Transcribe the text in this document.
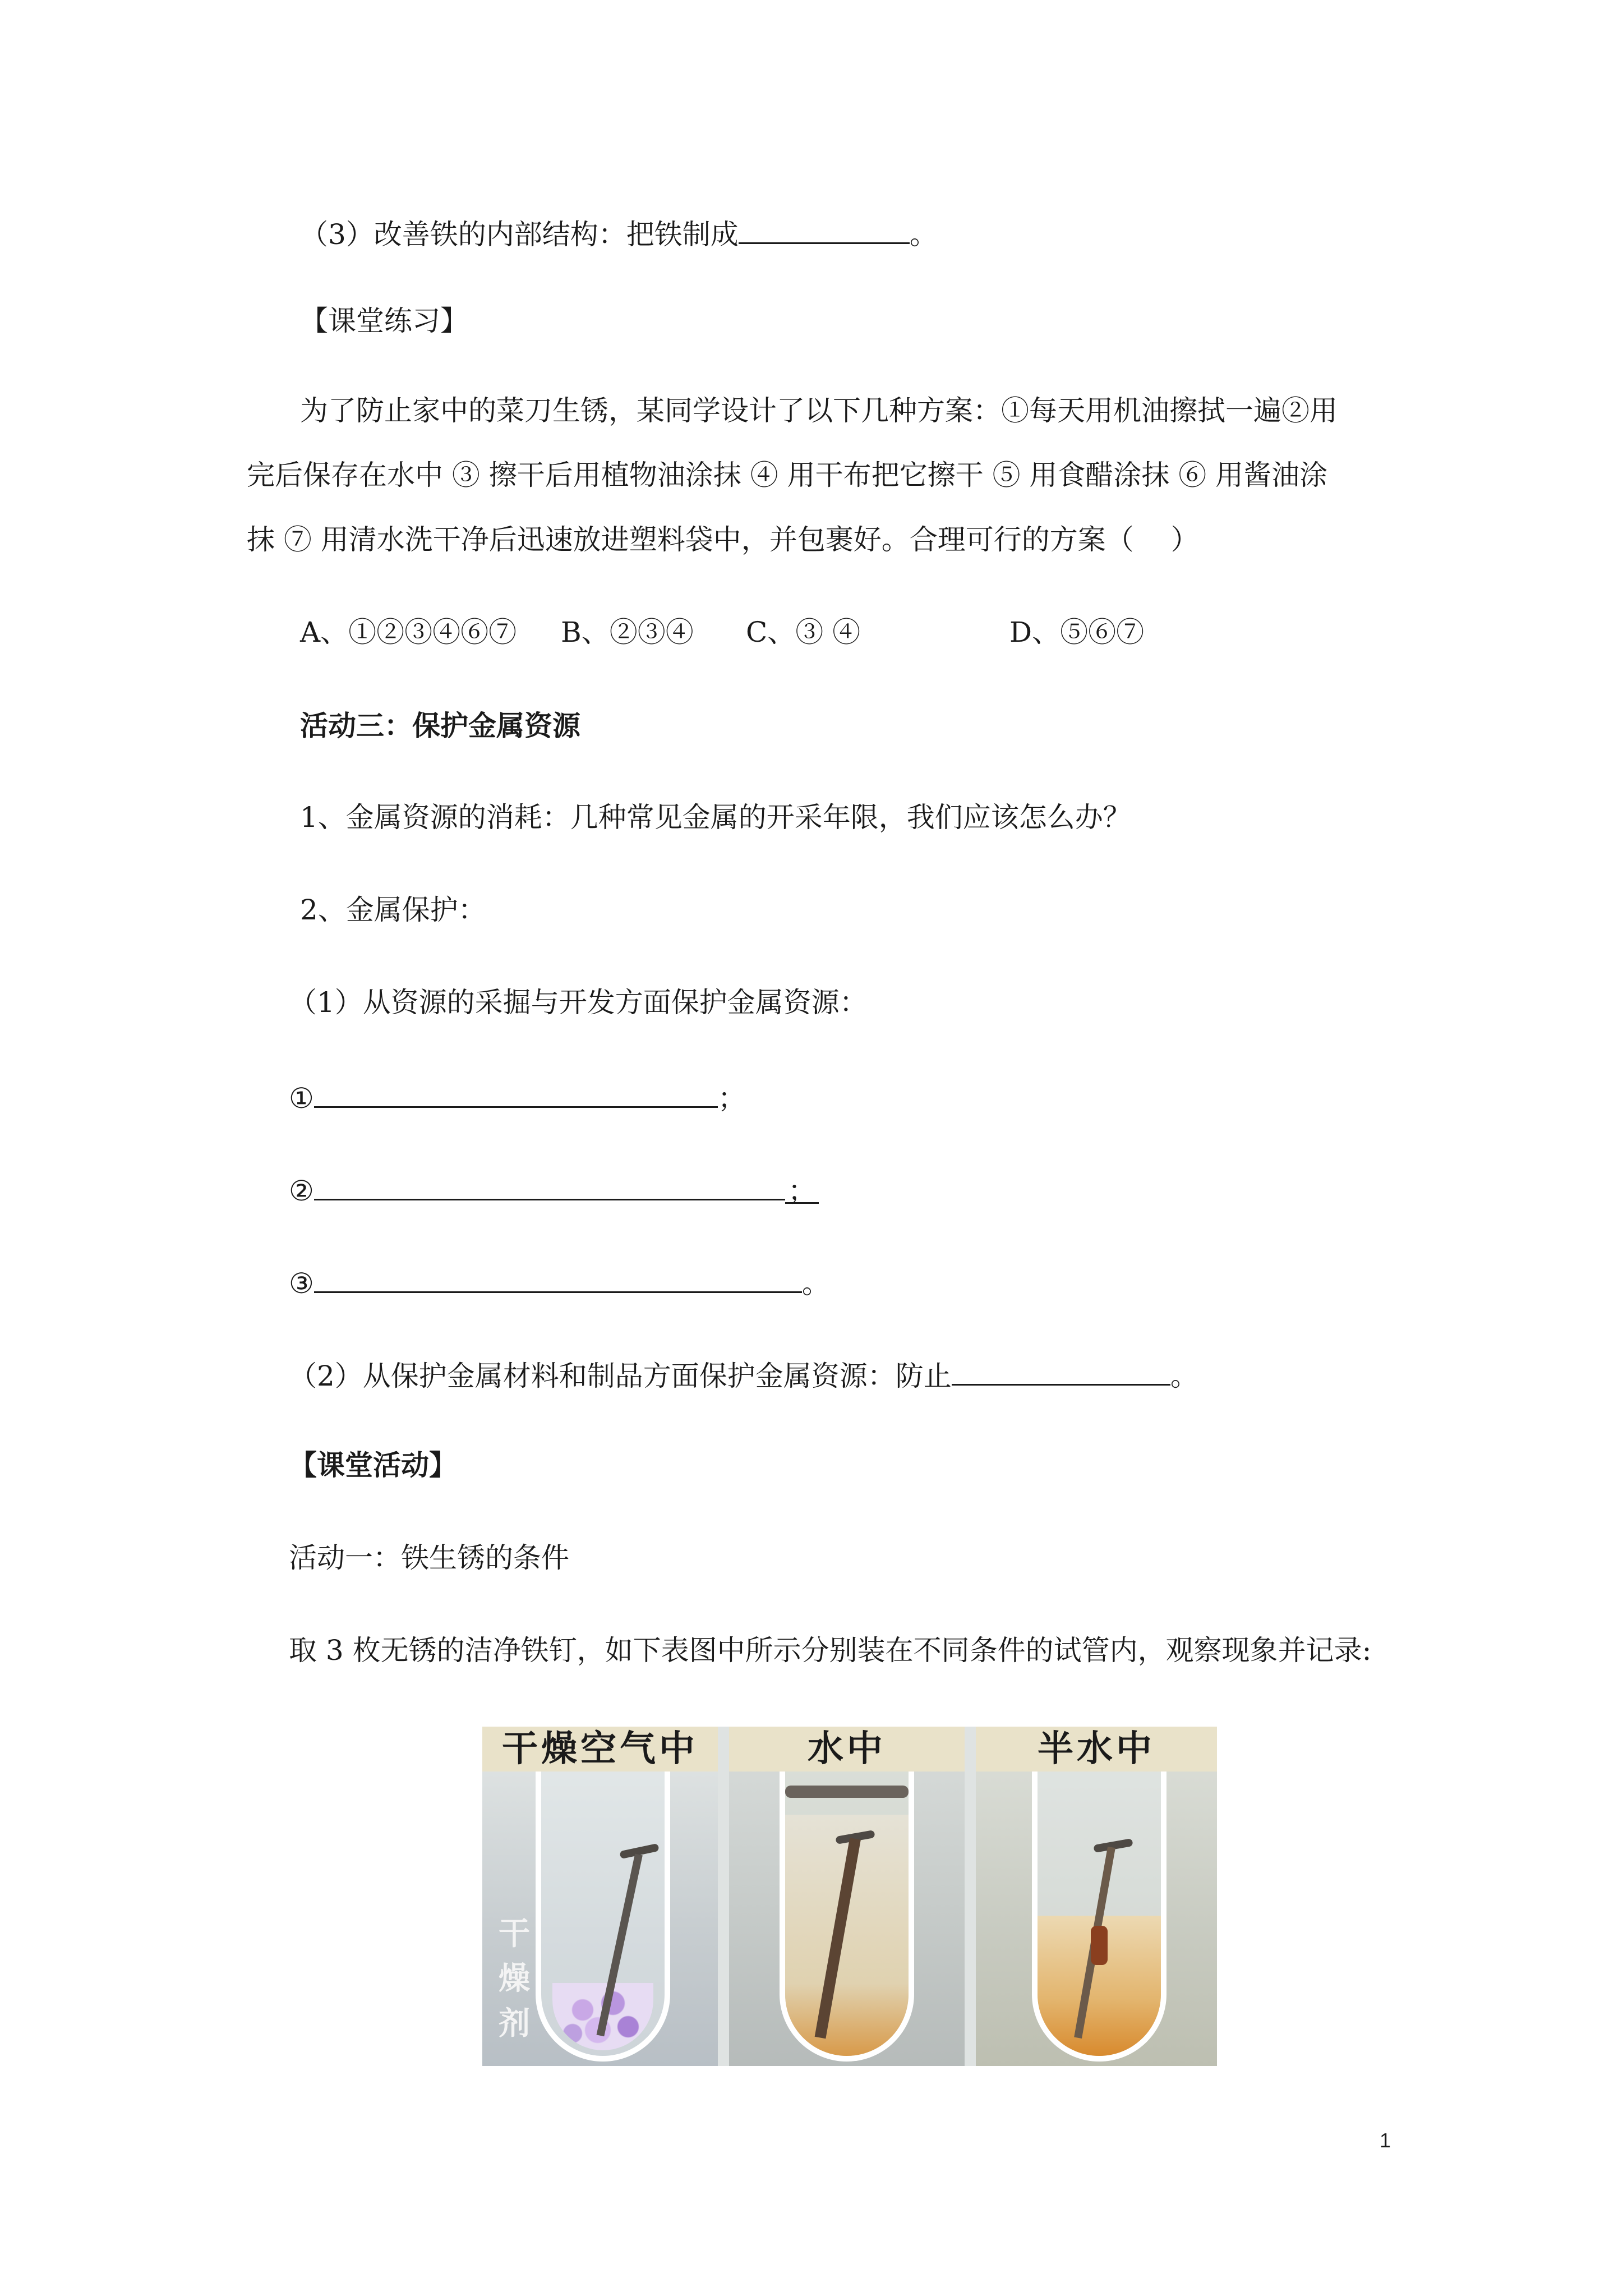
（3）改善铁的内部结构：把铁制成	。
【课堂练习】
为了防止家中的菜刀生锈，某同学设计了以下几种方案：①每天用机油擦拭一遍②用
完后保存在水中 ③ 擦干后用植物油涂抹 ④ 用干布把它擦干 ⑤ 用食醋涂抹 ⑥ 用酱油涂
抹 ⑦ 用清水洗干净后迅速放进塑料袋中，并包裹好。合理可行的方案（　 ）
A、①②③④⑥⑦ B、②③④ C、③ ④	D、⑤⑥⑦
活动三：保护金属资源
1、金属资源的消耗：几种常见金属的开采年限，我们应该怎么办？
2、金属保护：
（1）从资源的采掘与开发方面保护金属资源：
①	；
②	；
③	。
（2）从保护金属材料和制品方面保护金属资源：防止	。
【课堂活动】
活动一：铁生锈的条件
取 3 枚无锈的洁净铁钉，如下表图中所示分别装在不同条件的试管内，观察现象并记录:
干
燥
剂
干燥空气中	水中	半水中
1
